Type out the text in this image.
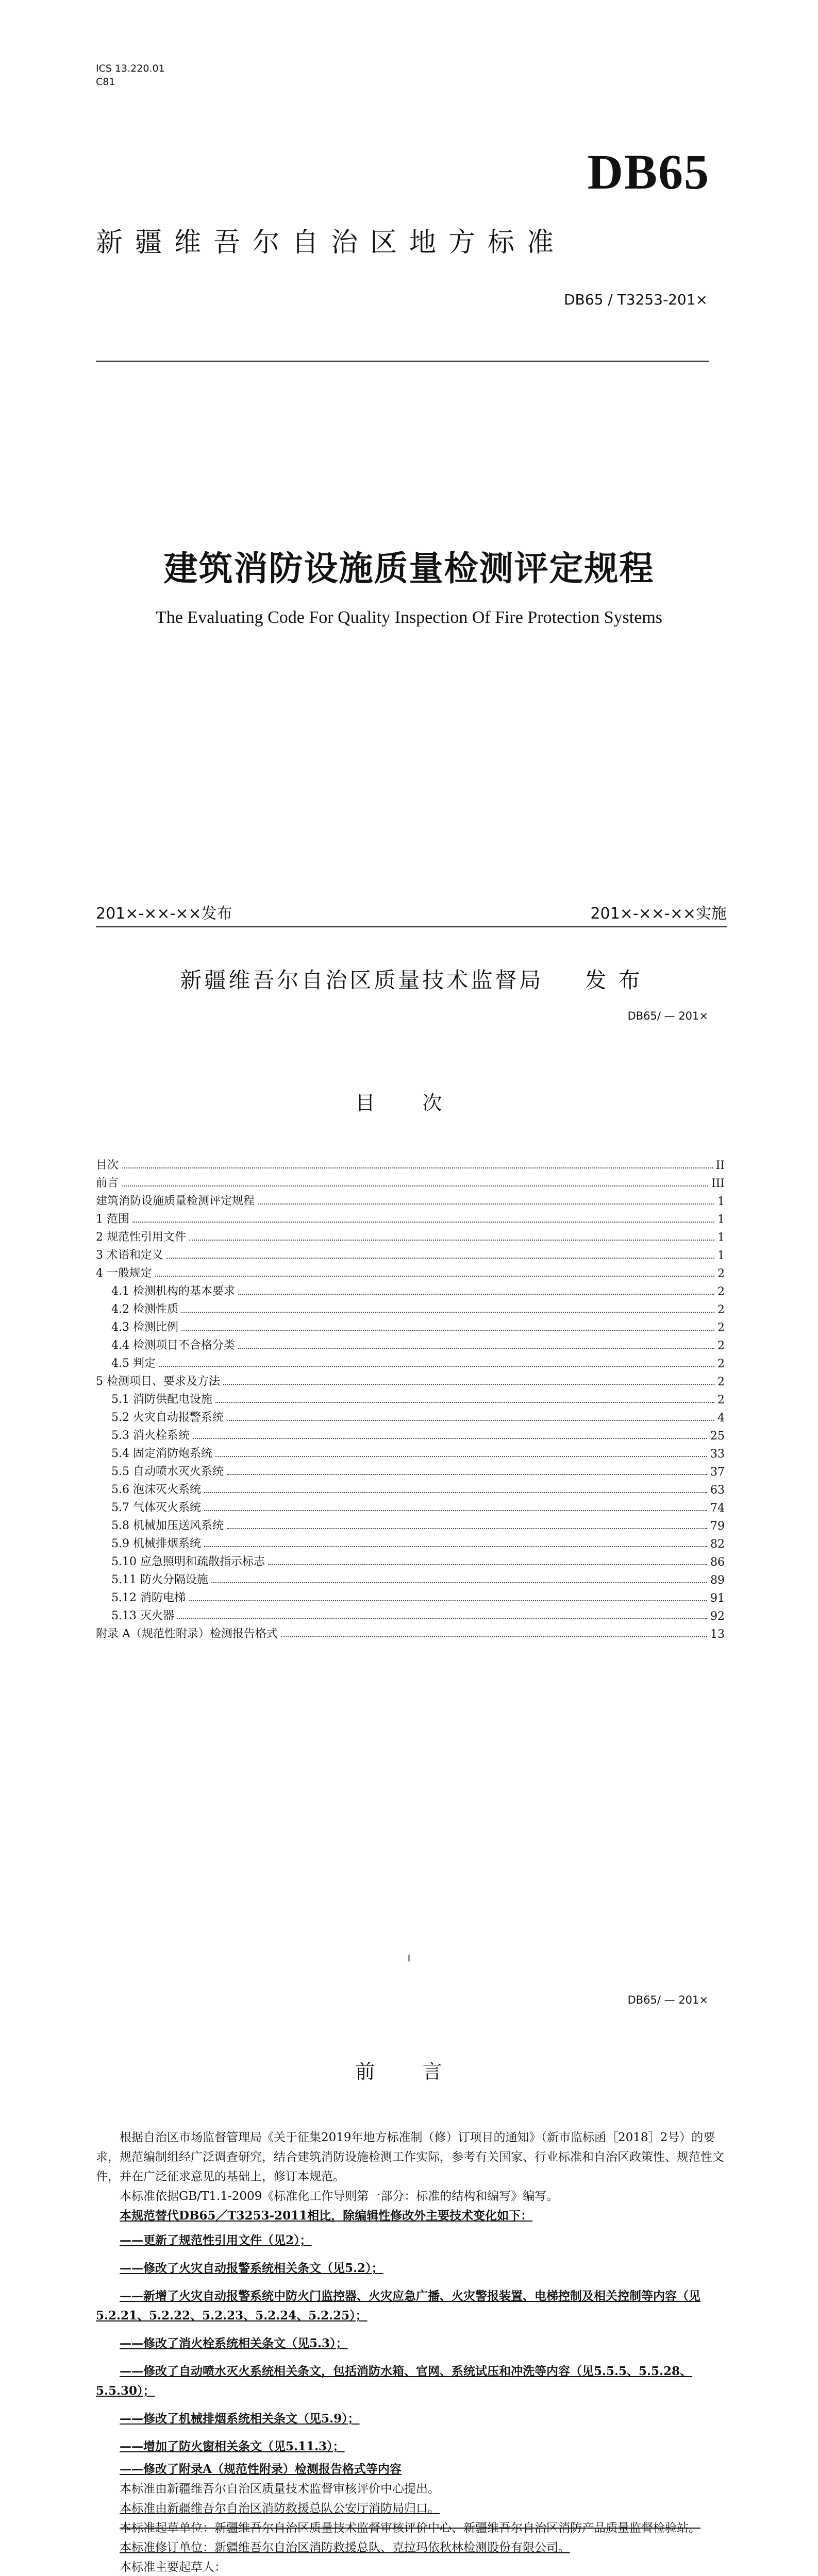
ICS 13.220.01
C81
DB65
新疆维吾尔自治区地方标准
DB65 / T3253-201×
建筑消防设施质量检测评定规程
The Evaluating Code For Quality Inspection Of Fire Protection Systems
201×-××-××发布	201×-××-××实施
新疆维吾尔自治区质量技术监督局 发 布
DB65/ — 201×
目 次
目次	II
前言	III
建筑消防设施质量检测评定规程	1
1 范围	1
2 规范性引用文件	1
3 术语和定义	1
4 一般规定	2
4.1 检测机构的基本要求	2
4.2 检测性质	2
4.3 检测比例	2
4.4 检测项目不合格分类	2
4.5 判定	2
5 检测项目、要求及方法	2
5.1 消防供配电设施	2
5.2 火灾自动报警系统	4
5.3 消火栓系统	25
5.4 固定消防炮系统	33
5.5 自动喷水灭火系统	37
5.6 泡沫灭火系统	63
5.7 气体灭火系统	74
5.8 机械加压送风系统	79
5.9 机械排烟系统	82
5.10 应急照明和疏散指示标志	86
5.11 防火分隔设施	89
5.12 消防电梯	91
5.13 灭火器	92
附录 A（规范性附录）检测报告格式	13
I
DB65/ — 201×
前 言

根据自治区市场监督管理局《关于征集2019年地方标准制（修）订项目的通知》（新市监标函［2018］2号）的要求，规范编制组经广泛调查研究，结合建筑消防设施检测工作实际，参考有关国家、行业标准和自治区政策性、规范性文件，并在广泛征求意见的基础上，修订本规范。

本标准依据GB/T1.1-2009《标准化工作导则第一部分：标准的结构和编写》编写。

本规范替代DB65／T3253-2011相比，除编辑性修改外主要技术变化如下：

——更新了规范性引用文件（见2）；

——修改了火灾自动报警系统相关条文（见5.2）；

——新增了火灾自动报警系统中防火门监控器、火灾应急广播、火灾警报装置、电梯控制及相关控制等内容（见5.2.21、5.2.22、5.2.23、5.2.24、5.2.25）；

——修改了消火栓系统相关条文（见5.3）；

——修改了自动喷水灭火系统相关条文，包括消防水箱、官网、系统试压和冲洗等内容（见5.5.5、5.5.28、5.5.30）；

——修改了机械排烟系统相关条文（见5.9）；

——增加了防火窗相关条文（见5.11.3）；

——修改了附录A（规范性附录）检测报告格式等内容

本标准由新疆维吾尔自治区质量技术监督审核评价中心提出。

本标准由新疆维吾尔自治区消防救援总队公安厅消防局归口。

本标准起草单位：新疆维吾尔自治区质量技术监督审核评价中心、新疆维吾尔自治区消防产品质量监督检验站。

本标准修订单位：新疆维吾尔自治区消防救援总队、克拉玛依秋林检测股份有限公司。

本标准主要起草人：
